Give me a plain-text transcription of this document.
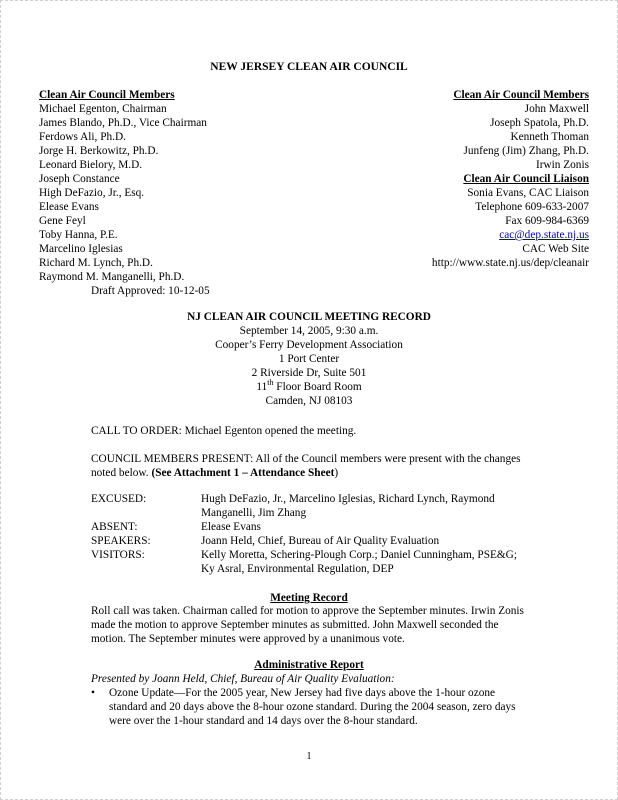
NEW JERSEY CLEAN AIR COUNCIL
Clean Air Council Members
Michael Egenton, Chairman
James Blando, Ph.D., Vice Chairman
Ferdows Ali, Ph.D.
Jorge H. Berkowitz, Ph.D.
Leonard Bielory, M.D.
Joseph Constance
High DeFazio, Jr., Esq.
Elease Evans
Gene Feyl
Toby Hanna, P.E.
Marcelino Iglesias
Richard M. Lynch, Ph.D.
Raymond M. Manganelli, Ph.D.
Draft Approved: 10-12-05
Clean Air Council Members
John Maxwell
Joseph Spatola, Ph.D.
Kenneth Thoman
Junfeng (Jim) Zhang, Ph.D.
Irwin Zonis
Clean Air Council Liaison
Sonia Evans, CAC Liaison
Telephone 609-633-2007
Fax 609-984-6369
cac@dep.state.nj.us
CAC Web Site
http://www.state.nj.us/dep/cleanair
NJ CLEAN AIR COUNCIL MEETING RECORD
September 14, 2005, 9:30 a.m.
Cooper’s Ferry Development Association
1 Port Center
2 Riverside Dr, Suite 501
11th Floor Board Room
Camden, NJ 08103
CALL TO ORDER: Michael Egenton opened the meeting.
COUNCIL MEMBERS PRESENT: All of the Council members were present with the changes noted below. (See Attachment 1 – Attendance Sheet)
EXCUSED:	Hugh DeFazio, Jr., Marcelino Iglesias, Richard Lynch, Raymond Manganelli, Jim Zhang
ABSENT:	Elease Evans
SPEAKERS:	Joann Held, Chief, Bureau of Air Quality Evaluation
VISITORS:	Kelly Moretta, Schering-Plough Corp.; Daniel Cunningham, PSE&G; Ky Asral, Environmental Regulation, DEP
Meeting Record
Roll call was taken. Chairman called for motion to approve the September minutes. Irwin Zonis made the motion to approve September minutes as submitted. John Maxwell seconded the motion. The September minutes were approved by a unanimous vote.
Administrative Report
Presented by Joann Held, Chief, Bureau of Air Quality Evaluation:
•	Ozone Update—For the 2005 year, New Jersey had five days above the 1-hour ozone standard and 20 days above the 8-hour ozone standard. During the 2004 season, zero days were over the 1-hour standard and 14 days over the 8-hour standard.
1
